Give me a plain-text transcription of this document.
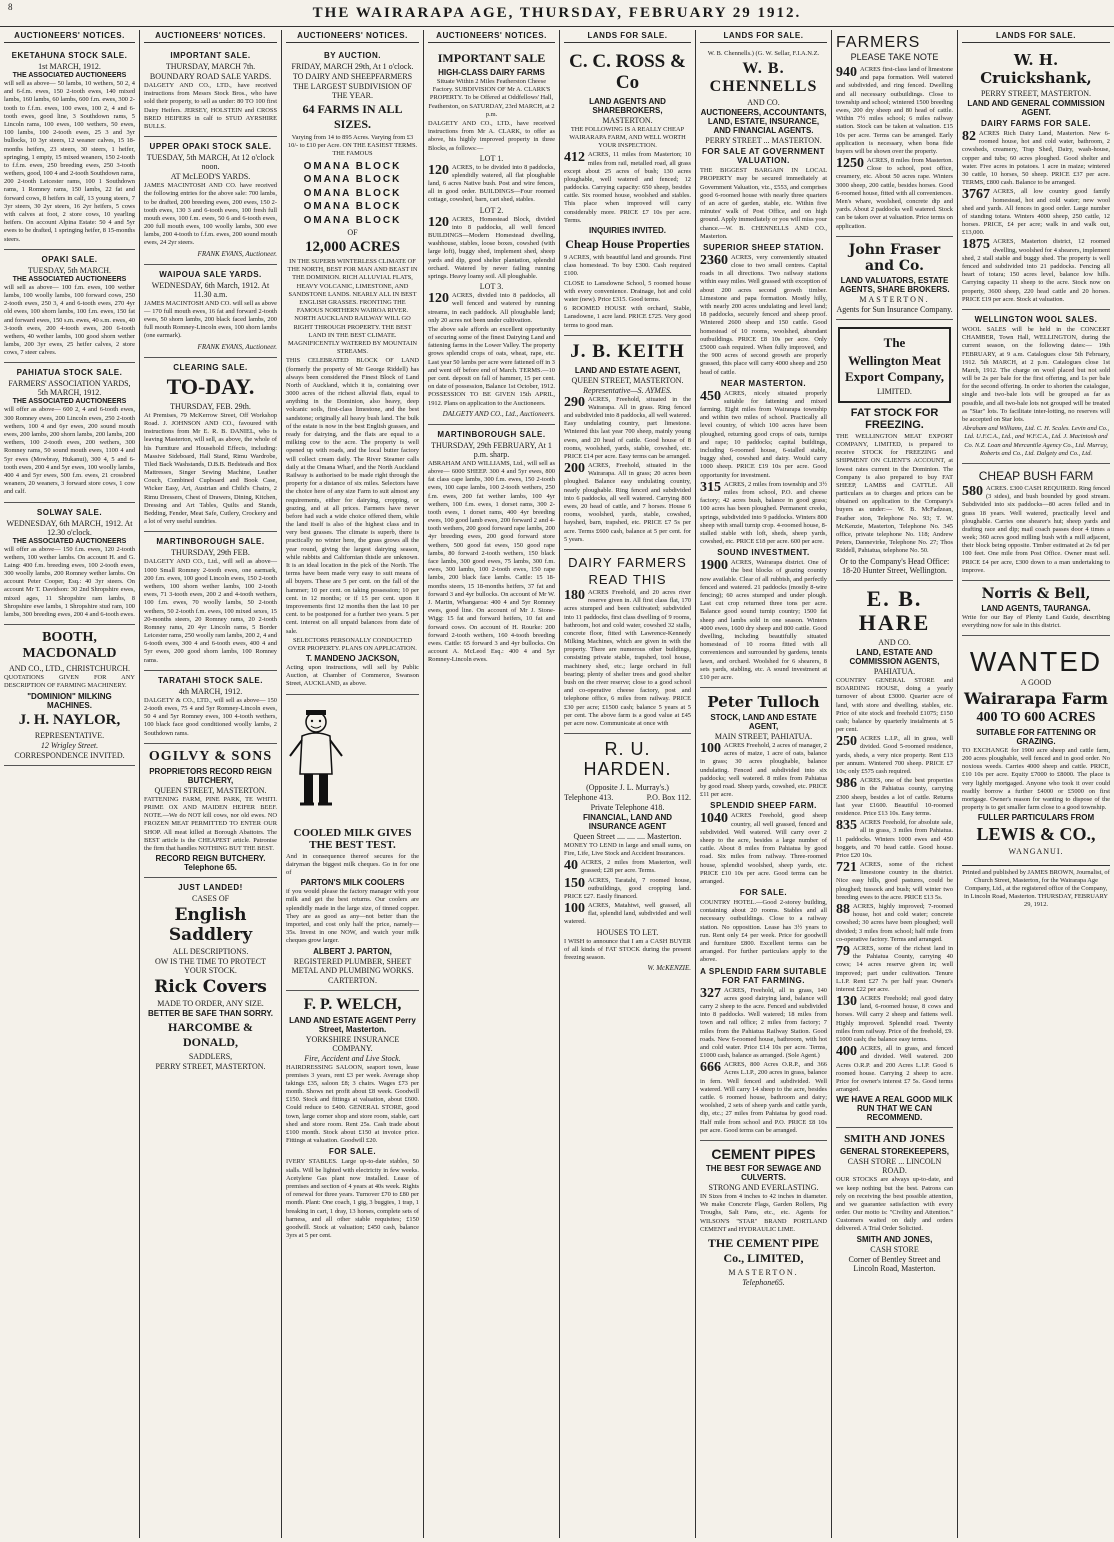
8	THE WAIRARAPA AGE, THURSDAY, FEBRUARY 29 1912.
AUCTIONEERS' NOTICES.
EKETAHUNA STOCK SALE.
1st MARCH, 1912.
THE ASSOCIATED AUCTIONEERS

will sell as above— 50 lambs, 10 wethers, 50 2, 4 and 6-f.m. ewes, 150 2-tooth ewes, 140 mixed lambs, 160 lambs, 60 lambs, 600 f.m. ewes, 300 2-tooth to f.f.m. ewes, 100 ewes, 100 2, 4 and 6-tooth ewes, good line, 3 Southdown rams, 5 Lincoln rams, 100 ewes, 100 wethers, 50 ewes, 100 lambs, 100 2-tooth ewes, 25 3 and 3yr bullocks, 10 3yr steers, 12 weaner calves, 15 18-months heifers, 23 steers, 30 steers, 1 heifer, springing, 1 empty, 15 mixed weaners, 150 2-tooth to f.f.m. ewes, 250 breeding ewes, 250 3-tooth wethers, good, 100 4 and 2-tooth Southdown rams, 200 2-tooth Leicester rams, 100 1 Southdown rams, 1 Romney rams, 150 lambs, 22 fat and forward cows, 8 heifers in calf, 13 young steers, 7 3yr steers, 30 2yr steers, 16 2yr heifers, 5 cows with calves at foot, 2 store cows, 10 yearling heifers. On account Alpina Estate: 50 4 and 5yr ewes to be drafted, 1 springing heifer, 8 15-months steers.

OPAKI SALE.
TUESDAY, 5th MARCH.
THE ASSOCIATED AUCTIONEERS

will sell as above— 100 f.m. ewes, 100 wether lambs, 100 woolly lambs, 100 forward cows, 250 2-tooth ewes, 250 3, 4 and 6-tooth ewes, 270 4yr old ewes, 100 shorn lambs, 100 f.m. ewes, 150 fat and forward ewes, 150 s.m. ewes, 40 s.m. ewes, 40 3-tooth ewes, 200 4-tooth ewes, 200 6-tooth wethers, 40 wether lambs, 100 good shorn wether lambs, 200 3yr ewes, 25 heifer calves, 2 store cows, 7 steer calves.

PAHIATUA STOCK SALE.
FARMERS' ASSOCIATION YARDS, 5th MARCH, 1912.
THE ASSOCIATED AUCTIONEERS

will offer as above— 600 2, 4 and 6-tooth ewes, 300 Romney ewes, 200 Lincoln ewes, 250 2-tooth wethers, 100 4 and 6yr ewes, 200 sound mouth ewes, 200 lambs, 200 shorn lambs, 200 lambs, 200 wethers, 100 2-tooth ewes, 200 wethers, 300 Romney rams, 50 sound mouth ewes, 1100 4 and 5yr ewes (Mowbray, Hukanui), 300 4, 5 and 6-tooth ewes, 200 4 and 5yr ewes, 100 woolly lambs, 400 4 and 5yr ewes, 500 f.m. ewes, 21 crossbred weaners, 20 weaners, 3 forward store cows, 1 cow and calf.

SOLWAY SALE.
WEDNESDAY, 6th MARCH, 1912. At 12.30 o'clock.
THE ASSOCIATED AUCTIONEERS

will offer as above— 150 f.m. ewes, 120 2-tooth wethers, 100 wether lambs. On account H. and G. Laing: 400 f.m. breeding ewes, 100 2-tooth ewes, 300 woolly lambs, 200 Romney wether lambs. On account Peter Cooper, Esq.: 40 3yr steers. On account Mr T. Davidson: 30 2nd Shropshire ewes, mixed ages, 11 Shropshire ram lambs, 8 Shropshire ewe lambs, 1 Shropshire stud ram, 100 lambs, 300 breeding ewes, 200 4 and 6-tooth ewes.

BOOTH, MACDONALD
AND CO., LTD., CHRISTCHURCH.

QUOTATIONS GIVEN FOR ANY DESCRIPTION OF FARMING MACHINERY.

"DOMINION" MILKING MACHINES.
J. H. NAYLOR,
REPRESENTATIVE.
12 Wrigley Street.
CORRESPONDENCE INVITED.
AUCTIONEERS' NOTICES.
IMPORTANT SALE.
THURSDAY, MARCH 7th.
BOUNDARY ROAD SALE YARDS.

DALGETY AND CO., LTD., have received instructions from Messrs Stock Bros., who have sold their property, to sell as under: 80 TO 100 first Dairy Heifers. JERSEY, HOLSTEIN and CROSS BRED HEIFERS in calf to STUD AYRSHIRE BULLS.

UPPER OPAKI STOCK SALE.
TUESDAY, 5th MARCH, At 12 o'clock noon.
AT McLEOD'S YARDS.

JAMES MACINTOSH AND CO. have received the following entries for the above sale: 700 lambs, to be drafted, 200 breeding ewes, 200 ewes, 150 2-tooth ewes, 130 3 and 6-tooth ewes, 100 fresh full mouth ewes, 100 f.m. ewes, 50 6 and 6-tooth ewes, 200 full mouth ewes, 100 woolly lambs, 300 ewe lambs, 200 4-tooth to f.f.m. ewes, 200 sound mouth ewes, 24 2yr steers.

FRANK EVANS, Auctioneer.
WAIPOUA SALE YARDS.
WEDNESDAY, 6th March, 1912. At 11.30 a.m.

JAMES MACINTOSH AND CO. will sell as above— 170 full mouth ewes, 16 fat and forward 2-tooth ewes, 50 shorn lambs, 200 black faced lambs, 200 full mouth Romney-Lincoln ewes, 100 shorn lambs (one earmark).

FRANK EVANS, Auctioneer.
CLEARING SALE.
TO-DAY.
THURSDAY, FEB. 29th.

At Premises, 79 McKerrow Street, Off Workshop Road. J. JOHNSON AND CO., favoured with instructions from Mr E. R. B. DANIEL, who is leaving Masterton, will sell, as above, the whole of his Furniture and Household Effects, including: Massive Sideboard, Hall Stand, Rimu Wardrobe, Tiled Back Washstands, D.B.B. Bedsteads and Box Mattresses, Singer Sewing Machine, Leather Couch, Combined Cupboard and Book Case, Wicker Easy, Art, Austrian and Child's Chairs, 2 Rimu Dressers, Chest of Drawers, Dining, Kitchen, Dressing and Art Tables, Quilts and Stands, Bedding, Fender, Meat Safe, Cutlery, Crockery and a lot of very useful sundries.

MARTINBOROUGH SALE.
THURSDAY, 29th FEB.

DALGETY AND CO., Ltd., will sell as above— 1000 Small Romney 2-tooth ewes, one earmark, 200 f.m. ewes, 100 good Lincoln ewes, 150 2-tooth wethers, 100 shorn wether lambs, 100 2-tooth ewes, 71 3-tooth ewes, 200 2 and 4-tooth wethers, 100 f.m. ewes, 70 woolly lambs, 50 2-tooth wethers, 50 2-tooth f.m. ewes, 100 mixed sexes, 15 20-months steers, 20 Romney rams, 20 2-tooth Romney rams, 20 4yr Lincoln rams, 5 Border Leicester rams, 250 woolly ram lambs, 200 2, 4 and 6-tooth ewes, 300 4 and 6-tooth ewes, 400 4 and 5yr ewes, 200 good shorn lambs, 100 Romney rams.

TARATAHI STOCK SALE.
4th MARCH, 1912.

DALGETY & CO., LTD., will sell as above— 150 2-tooth ewes, 75 4 and 5yr Romney-Lincoln ewes, 50 4 and 5yr Romney ewes, 100 4-tooth wethers, 100 black face good conditioned woolly lambs, 2 Southdown rams.

OGILVY & SONS
PROPRIETORS RECORD REIGN BUTCHERY,
QUEEN STREET, MASTERTON.

FATTENING FARM, PINE PARK, TE WHITI. PRIME OX AND MAIDEN HEIFER BEEF. NOTE.—We do NOT kill cows, nor old ewes. NO FROZEN MEAT PERMITTED TO ENTER OUR SHOP. All meat killed at Borough Abattoirs. The BEST article is the CHEAPEST article. Patronise the firm that handles NOTHING BUT THE BEST.

RECORD REIGN BUTCHERY. Telephone 65.
JUST LANDED!
CASES OF
English Saddlery
ALL DESCRIPTIONS.
OW IS THE TIME TO PROTECT YOUR STOCK.
Rick Covers
MADE TO ORDER, ANY SIZE.
BETTER BE SAFE THAN SORRY.
HARCOMBE & DONALD,
SADDLERS,
PERRY STREET, MASTERTON.
AUCTIONEERS' NOTICES.
BY AUCTION.
FRIDAY, MARCH 29th, At 1 o'clock.
TO DAIRY AND SHEEPFARMERS
THE LARGEST SUBDIVISION OF THE YEAR.
64 FARMS IN ALL SIZES.

Varying from 14 to 895 Acres. Varying from £3 10/- to £10 per Acre. ON THE EASIEST TERMS. THE FAMOUS

OMANA BLOCK
OMANA BLOCK
OMANA BLOCK
OMANA BLOCK
OMANA BLOCK
OF
12,000 ACRES

IN THE SUPERB WINTERLESS CLIMATE OF THE NORTH, BEST FOR MAN AND BEAST IN THE DOMINION. RICH ALLUVIAL FLATS, HEAVY VOLCANIC, LIMESTONE, AND SANDSTONE LANDS. NEARLY ALL IN BEST ENGLISH GRASSES. FRONTING THE FAMOUS NORTHERN WAIROA RIVER. NORTH AUCKLAND RAILWAY WILL GO RIGHT THROUGH PROPERTY. THE BEST LAND IN THE BEST CLIMATE. MAGNIFICENTLY WATERED BY MOUNTAIN STREAMS.

THIS CELEBRATED BLOCK OF LAND (formerly the property of Mr George Riddell) has always been considered the Finest Block of Land North of Auckland, which it is, containing over 3000 acres of the richest alluvial flats, equal to anything in the Dominion, also heavy, deep volcanic soils, first-class limestone, and the best sandstone; originally all heavy bush land. The bulk of the estate is now in the best English grasses, and ready for dairying, and the flats are equal to a milking cow to the acre. The property is well opened up with roads, and the local butter factory will collect cream daily. The River Steamer calls daily at the Omana Wharf, and the North Auckland Railway is authorised to be made right through the property for a distance of six miles. Selectors have the choice here of any size Farm to suit almost any requirements, either for dairying, cropping, or grazing, and at all prices. Farmers have never before had such a wide choice offered them, while the land itself is also of the highest class and in very best grasses. The climate is superb, there is practically no winter here, the grass grows all the year round, giving the largest dairying season, while rabbits and Californian thistle are unknown. It is an ideal location in the pick of the North. The terms have been made very easy to suit means of all buyers. These are 5 per cent. on the fall of the hammer; 10 per cent. on taking possession; 10 per cent. in 12 months; or if 15 per cent. upon it improvements first 12 months then the last 10 per cent. to be postponed for a further two years. 5 per cent. interest on all unpaid balances from date of sale.

SELECTORS PERSONALLY CONDUCTED OVER PROPERTY. PLANS ON APPLICATION.

T. MANDENO JACKSON,

Acting upon instructions, will sell by Public Auction, at Chamber of Commerce, Swanson Street, AUCKLAND, as above.

COOLED MILK GIVES THE BEST TEST.

And in consequence thereof secures for the dairyman the biggest milk cheques. Go in for one of

PARTON'S MILK COOLERS

if you would please the factory manager with your milk and get the best returns. Our coolers are splendidly made in the large size, of tinned copper. They are as good as any—not better than the imported, and cost only half the price, namely—35s. Invest in one NOW, and watch your milk cheques grow larger.

ALBERT J. PARTON,
REGISTERED PLUMBER, SHEET METAL AND PLUMBING WORKS.
CARTERTON.
F. P. WELCH,
LAND AND ESTATE AGENT Perry Street, Masterton.
YORKSHIRE INSURANCE COMPANY.
Fire, Accident and Live Stock.

HAIRDRESSING SALOON, seaport town, lease premises 3 years, rent £3 per week. Average shop takings £35, saloon £8; 3 chairs. Wages £73 per month. Shows net profit about £8 week. Goodwill £150. Stock and fittings at valuation, about £600. Could reduce to £400. GENERAL STORE, good town, large corner shop and store room, stable, cart shed and store room. Rent 25s. Cash trade about £100 month. Stock about £150 at invoice price. Fittings at valuation. Goodwill £20.

FOR SALE.

IVERY STABLES. Large up-to-date stables, 50 stalls. Will be lighted with electricity in few weeks. Acetylene Gas plant now installed. Lease of premises and section of 4 years at 40s week. Rights of renewal for three years. Turnover £70 to £80 per month. Plant: One coach, 1 gig, 3 buggies, 1 trap, 1 breaking in cart, 1 dray, 13 horses, complete sets of harness, and all other stable requisites; £150 goodwill. Stock at valuation; £450 cash, balance 3yrs at 5 per cent.

AUCTIONEERS' NOTICES.
IMPORTANT SALE
HIGH-CLASS DAIRY FARMS

Situate Within 2 Miles Featherston Cheese Factory. SUBDIVISION OF Mr A. CLARK'S PROPERTY. To be Offered at Oddfellows' Hall, Featherston, on SATURDAY, 23rd MARCH, at 2 p.m.

DALGETY AND CO., LTD., have received instructions from Mr A. CLARK, to offer as above, his highly improved property in three Blocks, as follows:—

LOT 1.

120 ACRES, to be divided into 8 paddocks, splendidly watered, all flat ploughable land, 6 acres Native bush. Post and wire fences, all in good order. BUILDINGS—Four roomed cottage, cowshed, barn, cart shed, stables.

LOT 2.

120 ACRES, Homestead Block, divided into 8 paddocks, all well fenced BUILDINGS—Modern Homestead dwelling, washhouse, stables, loose boxes, cowshed (with large loft), buggy shed, implement shed, sheep yards and dip, good shelter plantation, splendid orchard. Watered by never failing running springs. Heavy loamy soil. All ploughable.

LOT 3.

120 ACRES, divided into 8 paddocks, all well fenced and watered by running streams, in each paddock. All ploughable land; only 20 acres not been under cultivation.

The above sale affords an excellent opportunity of securing some of the finest Dairying Land and fattening farms in the Lower Valley. The property grows splendid crops of oats, wheat, rape, etc. Last year 50 lambs per acre were fattened off in 3 and went off before end of March. TERMS.—10 per cent. deposit on fall of hammer, 15 per cent. on date of possession, Balance 1st October, 1912. POSSESSION TO BE GIVEN 15th APRIL, 1912. Plans on application to the Auctioneers.

DALGETY AND CO., Ltd., Auctioneers.
MARTINBOROUGH SALE.
THURSDAY, 29th FEBRUARY, At 1 p.m. sharp.

ABRAHAM AND WILLIAMS, Ltd., will sell as above— 6000 SHEEP. 300 4 and 5yr ewes, 800 fat class cape lambs, 300 f.m. ewes, 150 2-tooth ewes, 100 cape lambs, 100 2-tooth wethers, 250 f.m. ewes, 200 fat wether lambs, 100 4yr wethers, 100 f.m. ewes, 1 dorset rams, 300 2-tooth ewes, 1 dorset rams, 400 4yr breeding ewes, 100 good lamb ewes, 200 forward 2 and 4-tooth wethers, 200 good forward rape lambs, 200 4yr breeding ewes, 200 good forward store wethers, 500 good fat ewes, 150 good rape lambs, 80 forward 2-tooth wethers, 150 black face lambs, 300 good ewes, 75 lambs, 300 f.m. ewes, 300 lambs, 100 2-tooth ewes, 150 rape lambs, 200 black face lambs. Cattle: 15 18-months steers, 15 18-months heifers, 37 fat and forward 3 and 4yr bullocks. On account of Mr W. J. Martin, Whangaroa: 400 4 and 5yr Romney ewes, good line. On account of Mr J. Stone-Wigg: 15 fat and forward heifers, 10 fat and forward cows. On account of H. Rourke: 200 forward 2-tooth wethers, 160 4-tooth breeding ewes. Cattle: 65 forward 3 and 4yr bullocks. On account A. McLeod Esq.: 400 4 and 5yr Romney-Lincoln ewes.

LANDS FOR SALE.
C. C. ROSS & Co
LAND AGENTS AND SHAREBROKERS,
MASTERTON.

THE FOLLOWING IS A REALLY CHEAP WAIRARAPA FARM, AND WELL WORTH YOUR INSPECTION.

412 ACRES, 11 miles from Masterton; 10 miles from rail, metalled road, all grass except about 25 acres of bush; 130 acres ploughable, well watered and fenced; 12 paddocks. Carrying capacity: 650 sheep, besides cattle. Six roomed house, woolshed and stables. This place when improved will carry considerably more. PRICE £7 10s per acre. Terms.

INQUIRIES INVITED.
Cheap House Properties

9 ACRES, with beautiful land and grounds. First class homestead. To buy £300. Cash required £100.

CLOSE to Lansdowne School, 5 roomed house with every convenience. Drainage, hot and cold water (new). Price £315. Good terms.

6 ROOMED HOUSE with orchard, Stable, Lansdowne, 1 acre land. PRICE £725. Very good terms to good man.

J. B. KEITH
LAND AND ESTATE AGENT,
QUEEN STREET, MASTERTON.
Representative—S. AYMES.

290 ACRES, Freehold, situated in the Wairarapa. All in grass. Ring fenced and subdivided into 8 paddocks, all well watered. Easy undulating country, part limestone. Wintered this last year 700 sheep, mainly young ewes, and 20 head of cattle. Good house of 8 rooms, woolshed, yards, stable, cowshed, etc. PRICE £14 per acre. Easy terms can be arranged.

200 ACRES, Freehold, situated in the Wairarapa. All in grass; 20 acres been ploughed. Balance easy undulating country, nearly ploughable. Ring fenced and subdivided into 6 paddocks, all well watered. Carrying 800 ewes, 20 head of cattle, and 7 horses. House 6 rooms, woolshed, yards, stable, cowshed, hayshed, barn, trapshed, etc. PRICE £7 5s per acre. Terms £600 cash, balance at 5 per cent. for 5 years.

DAIRY FARMERS
READ THIS

180 ACRES Freehold, and 20 acres river reserve given in. All first class flat, 170 acres stumped and been cultivated; subdivided into 11 paddocks, first class dwelling of 9 rooms, bathroom, hot and cold water, cowshed 32 stalls, concrete floor, fitted with Lawrence-Kennedy Milking Machines, which are given in with the property. There are numerous other buildings, consisting private stable, trapshed, tool house, machinery shed, etc.; large orchard in full bearing; plenty of shelter trees and good shelter bush on the river reserve; close to a good school and co-operative cheese factory, post and telephone office, 6 miles from railway. PRICE £30 per acre; £1500 cash; balance 5 years at 5 per cent. The above farm is a good value at £45 per acre now. Communicate at once with

R. U. HARDEN.
(Opposite J. L. Murray's.)
Telephone 413.	P.O. Box 112.
Private Telephone 418.
FINANCIAL, LAND AND INSURANCE AGENT
Queen Street .... .... .... Masterton.

MONEY TO LEND in large and small sums, on Fire, Life, Live Stock and Accident Insurances.

40 ACRES, 2 miles from Masterton, well grassed; £28 per acre. Terms.

150 ACRES, Taratahi, 7 roomed house, outbuildings, good cropping land. PRICE £27. Easily financed.

100 ACRES, Matahiwi, well grassed, all flat, splendid land, subdivided and well watered.

HOUSES TO LET.

I WISH to announce that I am a CASH BUYER of all kinds of FAT STOCK during the present freezing season.

W. McKENZIE.
LANDS FOR SALE.
W. B. Chennells.) (G. W. Sellar, F.I.A.N.Z.
W. B. CHENNELLS
AND CO.
AUCTIONEERS, ACCOUNTANTS, LAND, ESTATE, INSURANCE, AND FINANCIAL AGENTS.
PERRY STREET ... MASTERTON.
FOR SALE AT GOVERNMENT VALUATION.

THE BIGGEST BARGAIN IN LOCAL PROPERTY may be secured immediately at Government Valuation, viz., £553, and comprises good 6-roomed house with nearly three quarters of an acre of garden, stable, etc. Within five minutes' walk of Post Office, and on high ground. Apply immediately or you will miss your chance.—W. B. CHENNELLS AND CO., Masterton.

SUPERIOR SHEEP STATION.

2360 ACRES, very conveniently situated close to two small centres. Capital roads in all directions. Two railway stations within easy miles. Well grassed with exception of about 200 acres second growth timber. Limestone and papa formation. Mostly hilly, with nearly 200 acres undulating and level land; 18 paddocks, securely fenced and sheep proof. Wintered 2600 sheep and 150 cattle. Good homestead of 10 rooms, woolshed, abundant outbuildings. PRICE £8 10s per acre. Only £5000 cash required. When fully improved, and the 900 acres of second growth are properly grassed, this place will carry 4000 sheep and 250 head of cattle.

NEAR MASTERTON.

450 ACRES, nicely situated properly suitable for fattening and mixed farming. Eight miles from Wairarapa township and within two miles of school. Practically all level country, of which 100 acres have been ploughed, returning good crops of oats, turnips and rape; 10 paddocks; capital buildings, including 6-roomed house, 6-stalled stable, buggy shed, cowshed and dairy. Would carry 1000 sheep. PRICE £19 10s per acre. Good opportunity for investment.

315 ACRES, 2 miles from township and 3½ miles from school, P.O. and cheese factory; 42 acres bush, balance in good grass; 100 acres has been ploughed. Permanent creeks, springs, subdivided into 9 paddocks. Winters 800 sheep with small turnip crop. 4-roomed house, 8-stalled stable with loft, sheds, sheep yards, cowshed, etc. PRICE £18 per acre. 600 per acre.

SOUND INVESTMENT.

1900 ACRES, Wairarapa district. One of the best blocks of grazing country now available. Clear of all rubbish, and perfectly fenced and watered. 21 paddocks (mostly 8-wire fencing); 60 acres stumped and under plough. Last cut crop returned three tons per acre. Balance good sound turnip country; 1500 fat sheep and lambs sold in one season. Winters 4000 ewes, 1600 dry sheep and 800 cattle. Good dwelling, including beautifully situated homestead of 10 rooms fitted with all conveniences and surrounded by gardens, tennis lawn, and orchard. Woolshed for 6 shearers, 8 sets yards, stabling, etc. A sound investment at £10 per acre.

Peter Tulloch
STOCK, LAND AND ESTATE AGENT,
MAIN STREET, PAHIATUA.

100 ACRES Freehold, 2 acres of manager, 2 acres of maize, 1 acre of oats, balance in grass; 30 acres ploughable, balance undulating. Fenced and subdivided into six paddocks; well watered. 8 miles from Pahiatua by good road. Sheep yards, cowshed, etc. PRICE £11 per acre.

SPLENDID SHEEP FARM.

1040 ACRES Freehold, good sheep country, all well grassed, fenced and subdivided. Well watered. Will carry over 2 sheep to the acre, besides a large number of cattle. About 8 miles from Pahiatua by good road. Six miles from railway. Three-roomed house, splendid woolshed, sheep yards, etc. PRICE £10 10s per acre. Good terms can be arranged.

FOR SALE.

COUNTRY HOTEL.—Good 2-storey building, containing about 20 rooms. Stables and all necessary outbuildings. Close to a railway station. No opposition. Lease has 3½ years to run. Rent only £4 per week. Price for goodwill and furniture £800. Excellent terms can be arranged. For further particulars apply to the above.

A SPLENDID FARM SUITABLE FOR FAT FARMING.

327 ACRES, Freehold, all in grass, 140 acres good dairying land, balance will carry 2 sheep to the acre. Fenced and subdivided into 8 paddocks. Well watered; 18 miles from town and rail office; 2 miles from factory; 7 miles from the Pahiatua Railway Station. Good roads. New 6-roomed house, bathroom, with hot and cold water. Price £14 10s per acre. Terms, £1000 cash, balance as arranged. (Sole Agent.)

666 ACRES, 800 Acres O.R.P., and 366 Acres L.I.P., 200 acres in grass, balance in fern. Well fenced and subdivided. Well watered. Will carry 14 sheep to the acre, besides cattle. 6 roomed house, bathroom and dairy; woolshed, 2 sets of sheep yards and cattle yards, dip, etc.; 27 miles from Pahiatua by good road. Half mile from school and P.O. PRICE £8 10s per acre. Good terms can be arranged.

CEMENT PIPES
THE BEST FOR SEWAGE AND CULVERTS.
STRONG AND EVERLASTING.

IN Sizes from 4 inches to 42 inches in diameter. We make Concrete Flags, Garden Rollers, Pig Troughs, Salt Pans, etc., etc. Agents for WILSON'S "STAR" BRAND PORTLAND CEMENT and HYDRAULIC LIME.

THE CEMENT PIPE Co., LIMITED,
MASTERTON.
Telephone65.
FARMERS
PLEASE TAKE NOTE

940 ACRES first-class land of limestone and papa formation. Well watered and subdivided, and ring fenced. Dwelling and all necessary outbuildings. Close to township and school; wintered 1500 breeding ewes, 200 dry sheep and 80 head of cattle. Within 7½ miles school; 6 miles railway station. Stock can be taken at valuation. £15 10s per acre. Terms can be arranged. Early application is necessary, when bona fide buyers will be shown over the property.

1250 ACRES, 8 miles from Masterton. Close to school, post office, creamery, etc. About 50 acres rape. Winters 3000 sheep, 200 cattle, besides horses. Good 6-roomed house, fitted with all conveniences. Men's whare, woolshed, concrete dip and yards. About 2 paddocks well watered. Stock can be taken over at valuation. Price terms on application.

John Fraser and Co.
LAND VALUATORS, ESTATE AGENTS, SHARE BROKERS.
MASTERTON.
Agents for Sun Insurance Company.
The
Wellington Meat Export Company,
LIMITED.
FAT STOCK FOR FREEZING.

THE WELLINGTON MEAT EXPORT COMPANY, LIMITED, is prepared to receive STOCK for FREEZING and SHIPMENT ON CLIENT'S ACCOUNT, at lowest rates current in the Dominion. The Company is also prepared to buy FAT SHEEP, LAMBS and CATTLE. All particulars as to charges and prices can be obtained on application to the Company's buyers as under:— W. B. McFadzean, Feather ston, Telephone No. 93; T. W. McKenzie, Masterton, Telephone No. 345 office, private telephone No. 118; Andrew Peters, Dannevirke, Telephone No. 27; Thos Riddell, Pahiatua, telephone No. 50.

Or to the Company's Head Office: 18-20 Hunter Street, Wellington.
E. B. HARE
AND CO.
LAND, ESTATE AND COMMISSION AGENTS,
PAHIATUA.

COUNTRY GENERAL STORE and BOARDING HOUSE, doing a yearly turnover of about £3000. Quarter acre of land, with store and dwelling, stables, etc. Price of site stock and freehold £1075; £150 cash; balance by quarterly instalments at 5 per cent.

250 ACRES L.I.P., all in grass, well divided. Good 5-roomed residence, yards, sheds, a very nice property. Rent £13 per annum. Wintered 700 sheep. PRICE £7 10s; only £575 cash required.

986 ACRES, one of the best properties in the Pahiatua county, carrying 2300 sheep, besides a lot of cattle. Returns last year £1600. Beautiful 10-roomed residence. Price £13 10s. Easy terms.

835 ACRES Freehold, for absolute sale, all in grass, 3 miles from Pahiatua. 11 paddocks. Winters 1000 ewes and 450 hoggets, and 70 head cattle. Good house. Price £20 10s.

721 ACRES, some of the richest limestone country in the district. Nice easy hills, good pastures, could be ploughed; tussock and bush; will winter two breeding ewes to the acre. PRICE £13 5s.

88 ACRES, highly improved; 7-roomed house, hot and cold water; concrete cowshed; 30 acres have been ploughed; well divided; 3 miles from school; half mile from co-operative factory. Terms and arranged.

79 ACRES, some of the richest land in the Pahiatua County, carrying 40 cows; 14 acres reserve given in; well improved; part under cultivation. Tenure L.I.P. Rent £27 7s per half year. Owner's interest £22 per acre.

130 ACRES Freehold; real good dairy land, 6-roomed house, 8 cows and horses. Will carry 2 sheep and fattens well. Highly improved. Splendid road. Twenty miles from railway. Price of the freehold, £9. £1000 cash; the balance easy terms.

400 ACRES, all in grass, and fenced and divided. Well watered. 200 Acres O.R.P. and 200 Acres L.I.P. Good 6 roomed house. Carrying 2 sheep to acre. Price for owner's interest £7 5s. Good terms arranged.

WE HAVE A REAL GOOD MILK RUN THAT WE CAN RECOMMEND.
SMITH AND JONES
GENERAL STOREKEEPERS,
CASH STORE ... LINCOLN ROAD.

OUR STOCKS are always up-to-date, and we keep nothing but the best. Patrons can rely on receiving the best possible attention, and we guarantee satisfaction with every order. Our motto is: "Civility and Attention." Customers waited on daily and orders delivered. A Trial Order Solicited.

SMITH AND JONES,
CASH STORE
Corner of Bentley Street and Lincoln Road, Masterton.
LANDS FOR SALE.
W. H. Cruickshank,
PERRY STREET, MASTERTON.
LAND AND GENERAL COMMISSION AGENT.
DAIRY FARMS FOR SALE.

82 ACRES Rich Dairy Land, Masterton. New 6-roomed house, hot and cold water, bathroom, 2 cowsheds, creamery, Trap Shed, Dairy, wash-house, copper and tubs; 60 acres ploughed. Good shelter and water. Five acres in potatoes. 1 acre in maize; wintered 30 cattle, 10 horses, 50 sheep. PRICE £37 per acre. TERMS, £800 cash. Balance to be arranged.

3767 ACRES, all low country good family homestead, hot and cold water; new wool shed and yards. All fences in good order. Large number of standing totara. Winters 4000 sheep, 250 cattle, 12 horses. PRICE, £4 per acre; walk in and walk out, £13,000.

1875 ACRES, Masterton district, 12 roomed dwelling, woolshed for 4 shearers, implement shed, 2 stall stable and buggy shed. The property is well fenced and subdivided into 21 paddocks. Fencing all heart of totara; 150 acres level, balance low hills. Carrying capacity 11 sheep to the acre. Stock now on property, 3600 sheep, 220 head cattle and 20 horses. PRICE £19 per acre. Stock at valuation.

WELLINGTON WOOL SALES.

WOOL SALES will be held in the CONCERT CHAMBER, Town Hall, WELLINGTON, during the current season, on the following dates:— 19th FEBRUARY, at 9 a.m. Catalogues close 5th February, 1912. 5th MARCH, at 2 p.m. Catalogues close 1st March, 1912. The charge on wool placed but not sold will be 2s per bale for the first offering, and 1s per bale for the second offering. In order to shorten the catalogue, single and two-bale lots will be grouped as far as possible, and all two-bale lots not grouped will be treated as "Star" lots. To facilitate inter-lotting, no reserves will be accepted on Star lots.

Abraham and Williams, Ltd. C. H. Scales. Levin and Co., Ltd. U.F.C.A., Ltd., and W.F.C.A., Ltd. J. Macintosh and Co. N.Z. Loan and Mercantile Agency Co., Ltd. Murray, Roberts and Co., Ltd. Dalgety and Co., Ltd.

CHEAP BUSH FARM

580 ACRES. £300 CASH REQUIRED. Ring fenced (3 sides), and bush bounded by good stream. Subdivided into six paddocks—80 acres felled and in grass 18 years. Well watered, practically level and ploughable. Carries one shearer's hut; sheep yards and drafting race and dip; mail coach passes door 4 times a week; 360 acres good milling bush with a mill adjacent, their block being opposite. Timber estimated at 2s 6d per 100 feet. One mile from Post Office. Owner must sell. PRICE £4 per acre, £300 down to a man undertaking to improve.

Norris & Bell,
LAND AGENTS, TAURANGA.

Write for our Bay of Plenty Land Guide, describing everything now for sale in this district.

WANTED
A GOOD
Wairarapa Farm
400 TO 600 ACRES
SUITABLE FOR FATTENING OR GRAZING.

TO EXCHANGE for 1900 acre sheep and cattle farm, 200 acres ploughable, well fenced and in good order. No noxious weeds. Carries 4000 sheep and cattle. PRICE, £10 10s per acre. Equity £7000 to £8000. The place is very lightly mortgaged. Anyone who took it over could readily borrow a further £4000 or £5000 on first mortgage. Owner's reason for wanting to dispose of the property is to get smaller farm close to a good township.

FULLER PARTICULARS FROM
LEWIS & CO.,
WANGANUI.
Printed and published by JAMES BROWN, Journalist, of Church Street, Masterton, for the Wairarapa Age Company, Ltd., at the registered office of the Company, in Lincoln Road, Masterton. THURSDAY, FEBRUARY 29, 1912.
